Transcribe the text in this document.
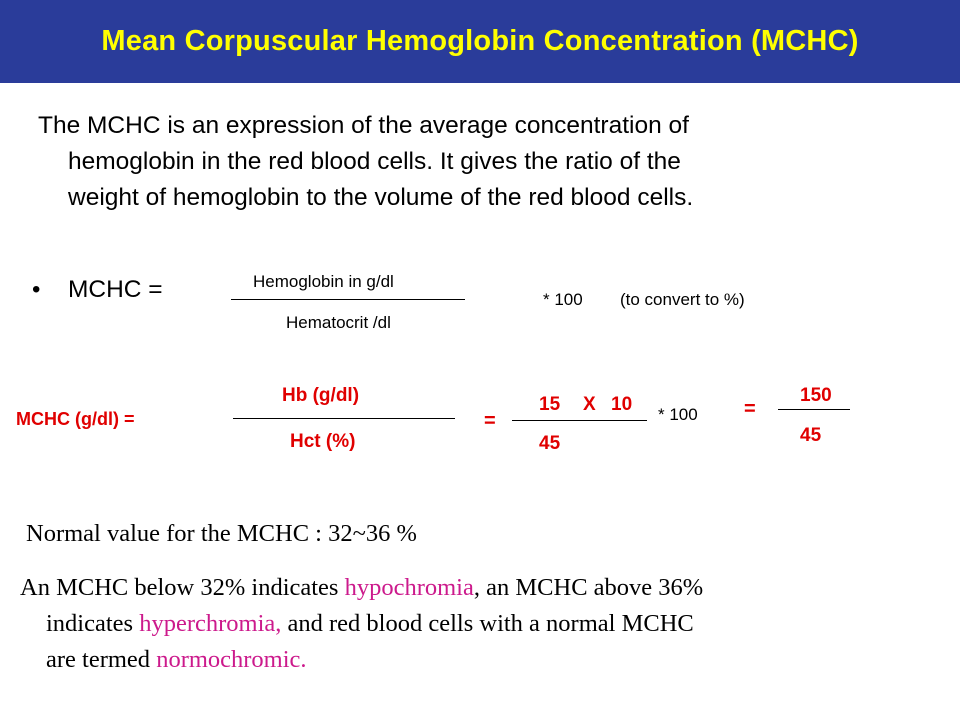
Mean Corpuscular Hemoglobin Concentration (MCHC)
The MCHC is an expression of the average concentration of
hemoglobin in the red blood cells. It gives the ratio of the
weight of hemoglobin to the volume of the red blood cells.
• MCHC =	Hemoglobin in g/dl
Hematocrit /dl
* 100 (to convert to %)
MCHC (g/dl) =
Hb (g/dl)
Hct (%)
=
15 X 10
45
* 100 =
150
45
Normal value for the MCHC : 32~36 %
An MCHC below 32% indicates hypochromia, an MCHC above 36%
indicates hyperchromia, and red blood cells with a normal MCHC
are termed normochromic.
